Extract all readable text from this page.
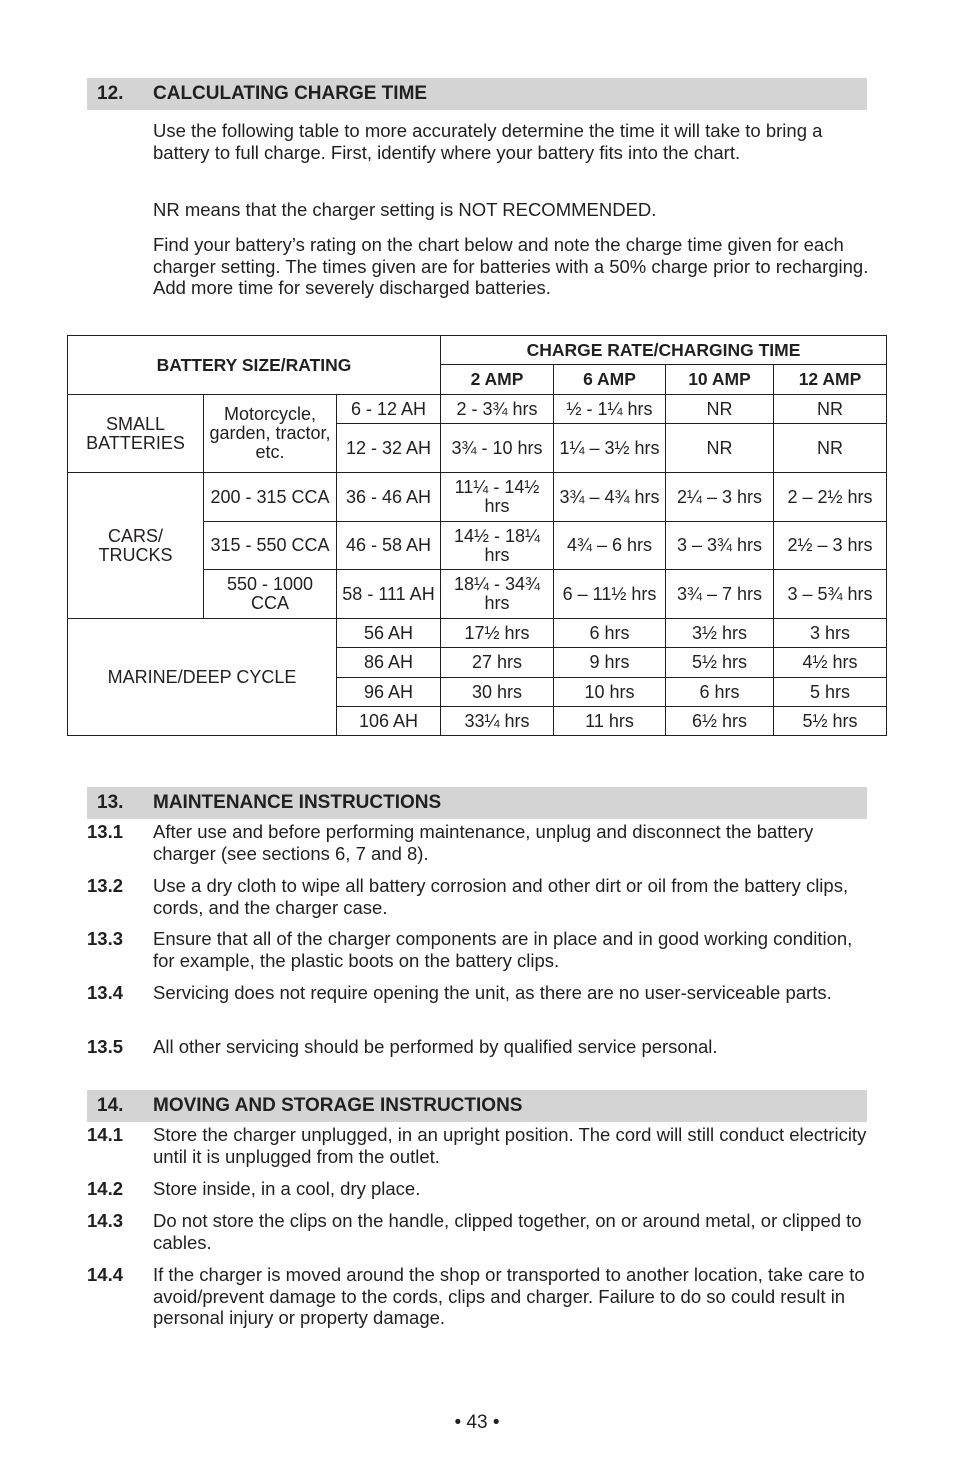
12. CALCULATING CHARGE TIME

Use the following table to more accurately determine the time it will take to bring a battery to full charge. First, identify where your battery fits into the chart.

NR means that the charger setting is NOT RECOMMENDED.

Find your battery’s rating on the chart below and note the charge time given for each charger setting. The times given are for batteries with a 50% charge prior to recharging. Add more time for severely discharged batteries.

BATTERY SIZE/RATING			CHARGE RATE/CHARGING TIME			
			2 AMP	6 AMP	10 AMP	12 AMP
SMALL BATTERIES	Motorcycle, garden, tractor, etc.	6 - 12 AH	2 - 3¾ hrs	½ - 1¼ hrs	NR	NR
		12 - 32 AH	3¾ - 10 hrs	1¼ – 3½ hrs	NR	NR
CARS/ TRUCKS	200 - 315 CCA	36 - 46 AH	11¼ - 14½ hrs	3¾ – 4¾ hrs	2¼ – 3 hrs	2 – 2½ hrs
	315 - 550 CCA	46 - 58 AH	14½ - 18¼ hrs	4¾ – 6 hrs	3 – 3¾ hrs	2½ – 3 hrs
	550 - 1000 CCA	58 - 111 AH	18¼ - 34¾ hrs	6 – 11½ hrs	3¾ – 7 hrs	3 – 5¾ hrs
MARINE/DEEP CYCLE		56 AH	17½ hrs	6 hrs	3½ hrs	3 hrs
		86 AH	27 hrs	9 hrs	5½ hrs	4½ hrs
		96 AH	30 hrs	10 hrs	6 hrs	5 hrs
		106 AH	33¼ hrs	11 hrs	6½ hrs	5½ hrs
13. MAINTENANCE INSTRUCTIONS
13.1 After use and before performing maintenance, unplug and disconnect the battery charger (see sections 6, 7 and 8).
13.2 Use a dry cloth to wipe all battery corrosion and other dirt or oil from the battery clips, cords, and the charger case.
13.3 Ensure that all of the charger components are in place and in good working condition, for example, the plastic boots on the battery clips.
13.4 Servicing does not require opening the unit, as there are no user-serviceable parts.
13.5 All other servicing should be performed by qualified service personal.
14. MOVING AND STORAGE INSTRUCTIONS
14.1 Store the charger unplugged, in an upright position. The cord will still conduct electricity until it is unplugged from the outlet.
14.2 Store inside, in a cool, dry place.
14.3 Do not store the clips on the handle, clipped together, on or around metal, or clipped to cables.
14.4 If the charger is moved around the shop or transported to another location, take care to avoid/prevent damage to the cords, clips and charger. Failure to do so could result in personal injury or property damage.
• 43 •
